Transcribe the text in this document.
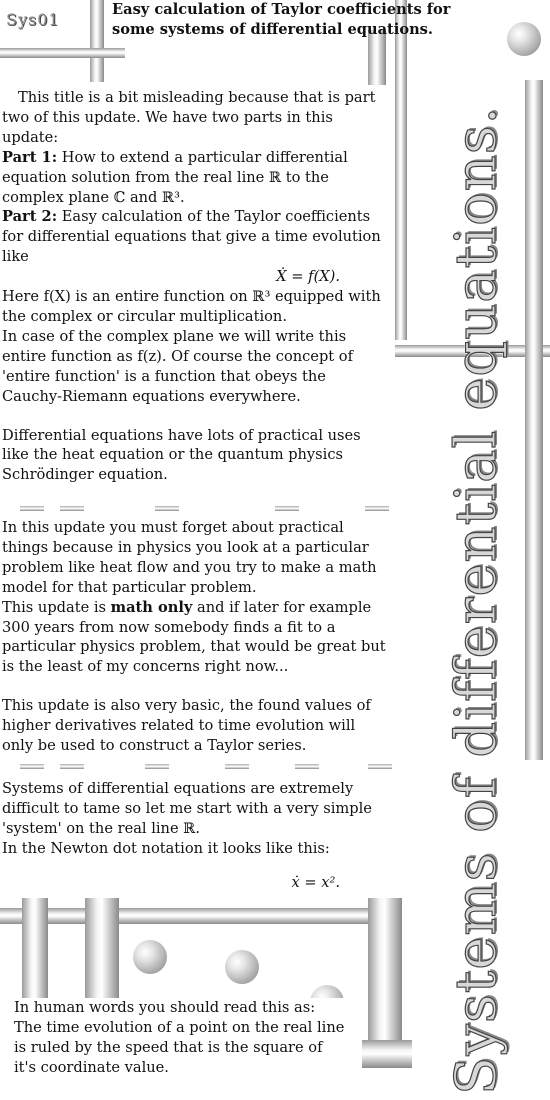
Sys01
Easy calculation of Taylor coefficients for some systems of differential equations.
Systems of differential equations.

This title is a bit misleading because that is part two of this update. We have two parts in this update:

Part 1: How to extend a particular differential equation solution from the real line ℝ to the complex plane ℂ and ℝ³.

Part 2: Easy calculation of the Taylor coefficients for differential equations that give a time evolution like

Ẋ = f(X).

Here f(X) is an entire function on ℝ³ equipped with the complex or circular multiplication.

In case of the complex plane we will write this entire function as f(z). Of course the concept of 'entire function' is a function that obeys the Cauchy-Riemann equations everywhere.

Differential equations have lots of practical uses like the heat equation or the quantum physics Schrödinger equation.

In this update you must forget about practical things because in physics you look at a particular problem like heat flow and you try to make a math model for that particular problem.

This update is math only and if later for example 300 years from now somebody finds a fit to a particular physics problem, that would be great but is the least of my concerns right now...

This update is also very basic, the found values of higher derivatives related to time evolution will only be used to construct a Taylor series.

Systems of differential equations are extremely difficult to tame so let me start with a very simple 'system' on the real line ℝ.

In the Newton dot notation it looks like this:

ẋ = x².

In human words you should read this as:

The time evolution of a point on the real line is ruled by the speed that is the square of it's coordinate value.
